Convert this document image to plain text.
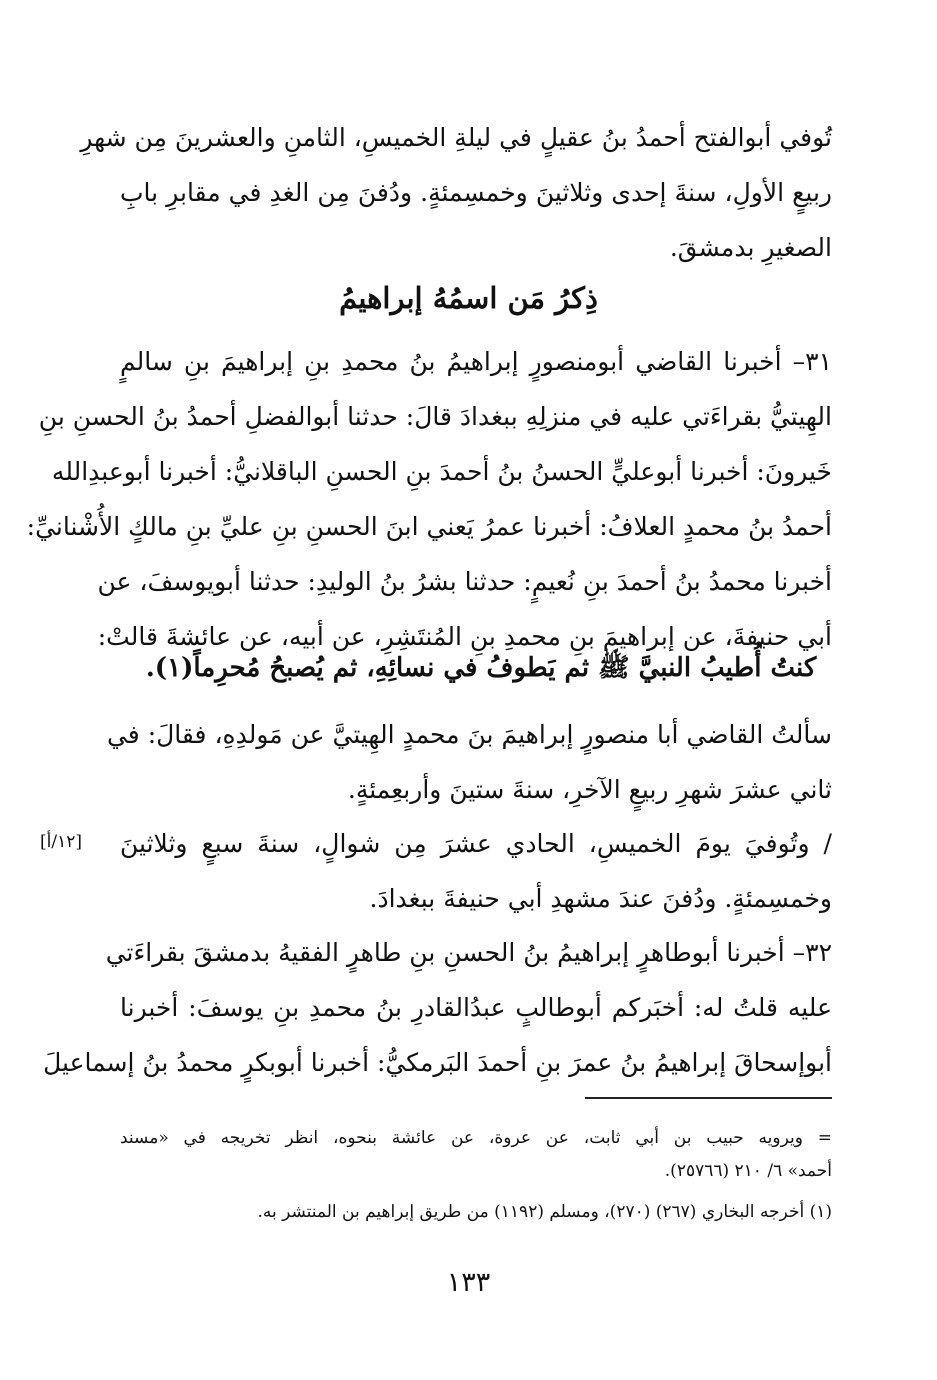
تُوفي أبوالفتح أحمدُ بنُ عقيلٍ في ليلةِ الخميسِ، الثامنِ والعشرينَ مِن شهرِ
ربيعٍ الأولِ، سنةَ إحدى وثلاثينَ وخمسِمئةٍ. ودُفنَ مِن الغدِ في مقابرِ بابِ
الصغيرِ بدمشقَ.
ذِكرُ مَن اسمُهُ إبراهيمُ
٣١– أخبرنا القاضي أبومنصورٍ إبراهيمُ بنُ محمدِ بنِ إبراهيمَ بنِ سالمٍ
الهِيتيُّ بقراءَتي عليه في منزلِهِ ببغدادَ قالَ: حدثنا أبوالفضلِ أحمدُ بنُ الحسنِ بنِ
خَيرونَ: أخبرنا أبوعليٍّ الحسنُ بنُ أحمدَ بنِ الحسنِ الباقلانيُّ: أخبرنا أبوعبدِالله
أحمدُ بنُ محمدٍ العلافُ: أخبرنا عمرُ يَعني ابنَ الحسنِ بنِ عليِّ بنِ مالكٍ الأُشْنانيِّ:
أخبرنا محمدُ بنُ أحمدَ بنِ نُعيمٍ: حدثنا بشرُ بنُ الوليدِ: حدثنا أبويوسفَ، عن
أبي حنيفةَ، عن إبراهيمَ بنِ محمدِ بنِ المُنتَشِرِ، عن أبيه، عن عائشةَ قالتْ:
كنتُ أُطيبُ النبيَّ ﷺ ثم يَطوفُ في نسائِهِ، ثم يُصبحُ مُحرِماً(١).
سألتُ القاضي أبا منصورٍ إبراهيمَ بنَ محمدٍ الهِيتيَّ عن مَولدِهِ، فقالَ: في
ثاني عشرَ شهرِ ربيعٍ الآخرِ، سنةَ ستينَ وأربعِمئةٍ.
/ وتُوفيَ يومَ الخميسِ، الحادي عشرَ مِن شوالٍ، سنةَ سبعٍ وثلاثينَ
وخمسِمئةٍ. ودُفنَ عندَ مشهدِ أبي حنيفةَ ببغدادَ.
[١٢/أ]
٣٢– أخبرنا أبوطاهرٍ إبراهيمُ بنُ الحسنِ بنِ طاهرٍ الفقيهُ بدمشقَ بقراءَتي
عليه قلتُ له: أخبَركم أبوطالبٍ عبدُالقادرِ بنُ محمدِ بنِ يوسفَ: أخبرنا
أبوإسحاقَ إبراهيمُ بنُ عمرَ بنِ أحمدَ البَرمكيُّ: أخبرنا أبوبكرٍ محمدُ بنُ إسماعيلَ
= ويرويه حبيب بن أبي ثابت، عن عروة، عن عائشة بنحوه، انظر تخريجه في «مسند
أحمد» ٦/ ٢١٠ (٢٥٧٦٦).
(١) أخرجه البخاري (٢٦٧) (٢٧٠)، ومسلم (١١٩٢) من طريق إبراهيم بن المنتشر به.
١٣٣
